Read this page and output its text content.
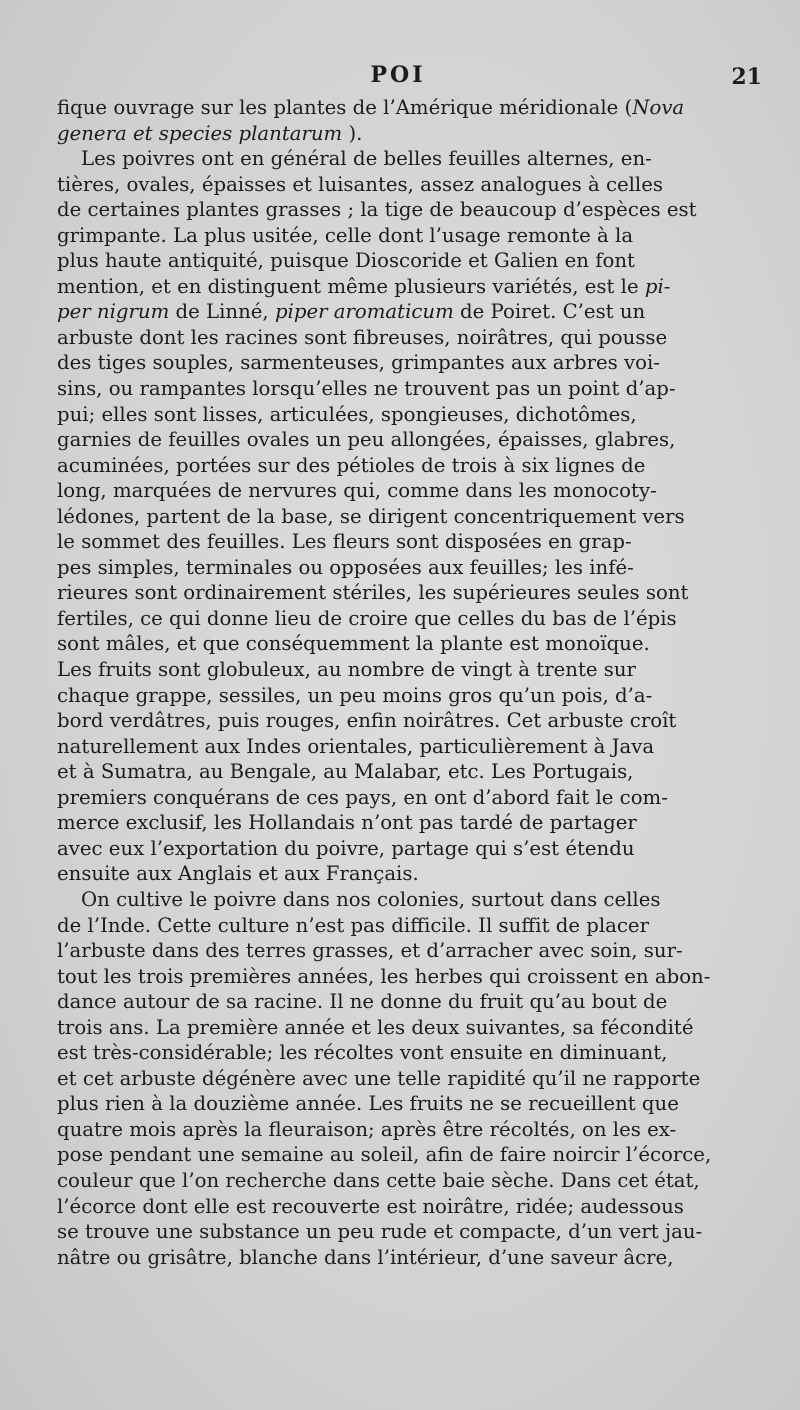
POI	21
fique ouvrage sur les plantes de l’Amérique méridionale (Nova
genera et species plantarum ).
Les poivres ont en général de belles feuilles alternes, en-
tières, ovales, épaisses et luisantes, assez analogues à celles
de certaines plantes grasses ; la tige de beaucoup d’espèces est
grimpante. La plus usitée, celle dont l’usage remonte à la
plus haute antiquité, puisque Dioscoride et Galien en font
mention, et en distinguent même plusieurs variétés, est le pi-
per nigrum de Linné, piper aromaticum de Poiret. C’est un
arbuste dont les racines sont fibreuses, noirâtres, qui pousse
des tiges souples, sarmenteuses, grimpantes aux arbres voi-
sins, ou rampantes lorsqu’elles ne trouvent pas un point d’ap-
pui; elles sont lisses, articulées, spongieuses, dichotômes,
garnies de feuilles ovales un peu allongées, épaisses, glabres,
acuminées, portées sur des pétioles de trois à six lignes de
long, marquées de nervures qui, comme dans les monocoty-
lédones, partent de la base, se dirigent concentriquement vers
le sommet des feuilles. Les fleurs sont disposées en grap-
pes simples, terminales ou opposées aux feuilles; les infé-
rieures sont ordinairement stériles, les supérieures seules sont
fertiles, ce qui donne lieu de croire que celles du bas de l’épis
sont mâles, et que conséquemment la plante est monoïque.
Les fruits sont globuleux, au nombre de vingt à trente sur
chaque grappe, sessiles, un peu moins gros qu’un pois, d’a-
bord verdâtres, puis rouges, enfin noirâtres. Cet arbuste croît
naturellement aux Indes orientales, particulièrement à Java
et à Sumatra, au Bengale, au Malabar, etc. Les Portugais,
premiers conquérans de ces pays, en ont d’abord fait le com-
merce exclusif, les Hollandais n’ont pas tardé de partager
avec eux l’exportation du poivre, partage qui s’est étendu
ensuite aux Anglais et aux Français.
On cultive le poivre dans nos colonies, surtout dans celles
de l’Inde. Cette culture n’est pas difficile. Il suffit de placer
l’arbuste dans des terres grasses, et d’arracher avec soin, sur-
tout les trois premières années, les herbes qui croissent en abon-
dance autour de sa racine. Il ne donne du fruit qu’au bout de
trois ans. La première année et les deux suivantes, sa fécondité
est très-considérable; les récoltes vont ensuite en diminuant,
et cet arbuste dégénère avec une telle rapidité qu’il ne rapporte
plus rien à la douzième année. Les fruits ne se recueillent que
quatre mois après la fleuraison; après être récoltés, on les ex-
pose pendant une semaine au soleil, afin de faire noircir l’écorce,
couleur que l’on recherche dans cette baie sèche. Dans cet état,
l’écorce dont elle est recouverte est noirâtre, ridée; audessous
se trouve une substance un peu rude et compacte, d’un vert jau-
nâtre ou grisâtre, blanche dans l’intérieur, d’une saveur âcre,
